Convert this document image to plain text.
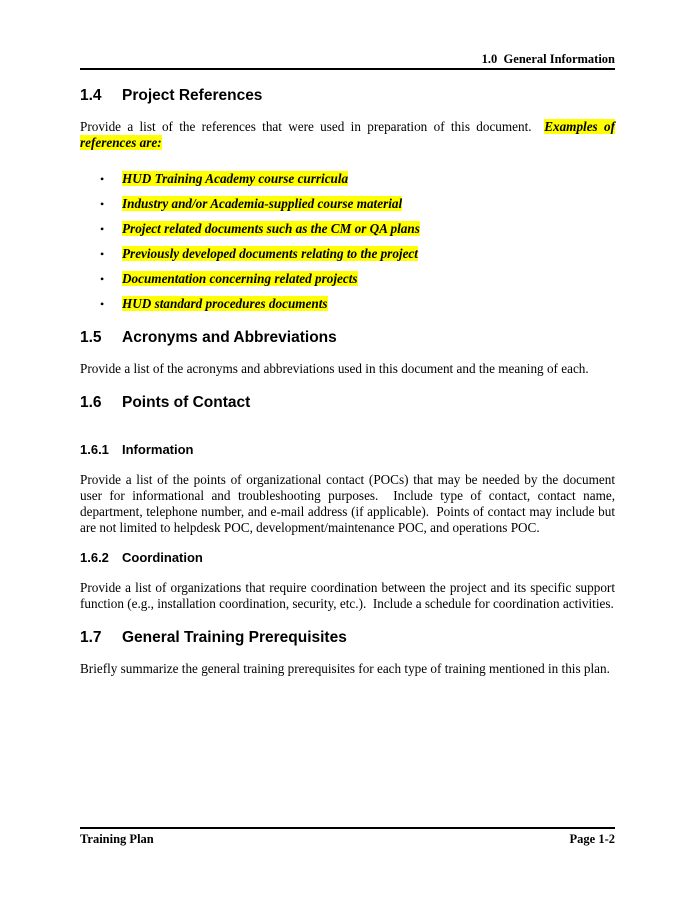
1.0  General Information
1.4 Project References

Provide a list of the references that were used in preparation of this document.  Examples of references are:

•	HUD Training Academy course curricula
•	Industry and/or Academia-supplied course material
•	Project related documents such as the CM or QA plans
•	Previously developed documents relating to the project
•	Documentation concerning related projects
•	HUD standard procedures documents
1.5 Acronyms and Abbreviations

Provide a list of the acronyms and abbreviations used in this document and the meaning of each.

1.6 Points of Contact
1.6.1 Information

Provide a list of the points of organizational contact (POCs) that may be needed by the document user for informational and troubleshooting purposes.  Include type of contact, contact name, department, telephone number, and e-mail address (if applicable).  Points of contact may include but are not limited to helpdesk POC, development/maintenance POC, and operations POC.

1.6.2 Coordination

Provide a list of organizations that require coordination between the project and its specific support function (e.g., installation coordination, security, etc.).  Include a schedule for coordination activities.

1.7 General Training Prerequisites

Briefly summarize the general training prerequisites for each type of training mentioned in this plan.

Training Plan	Page 1-2
